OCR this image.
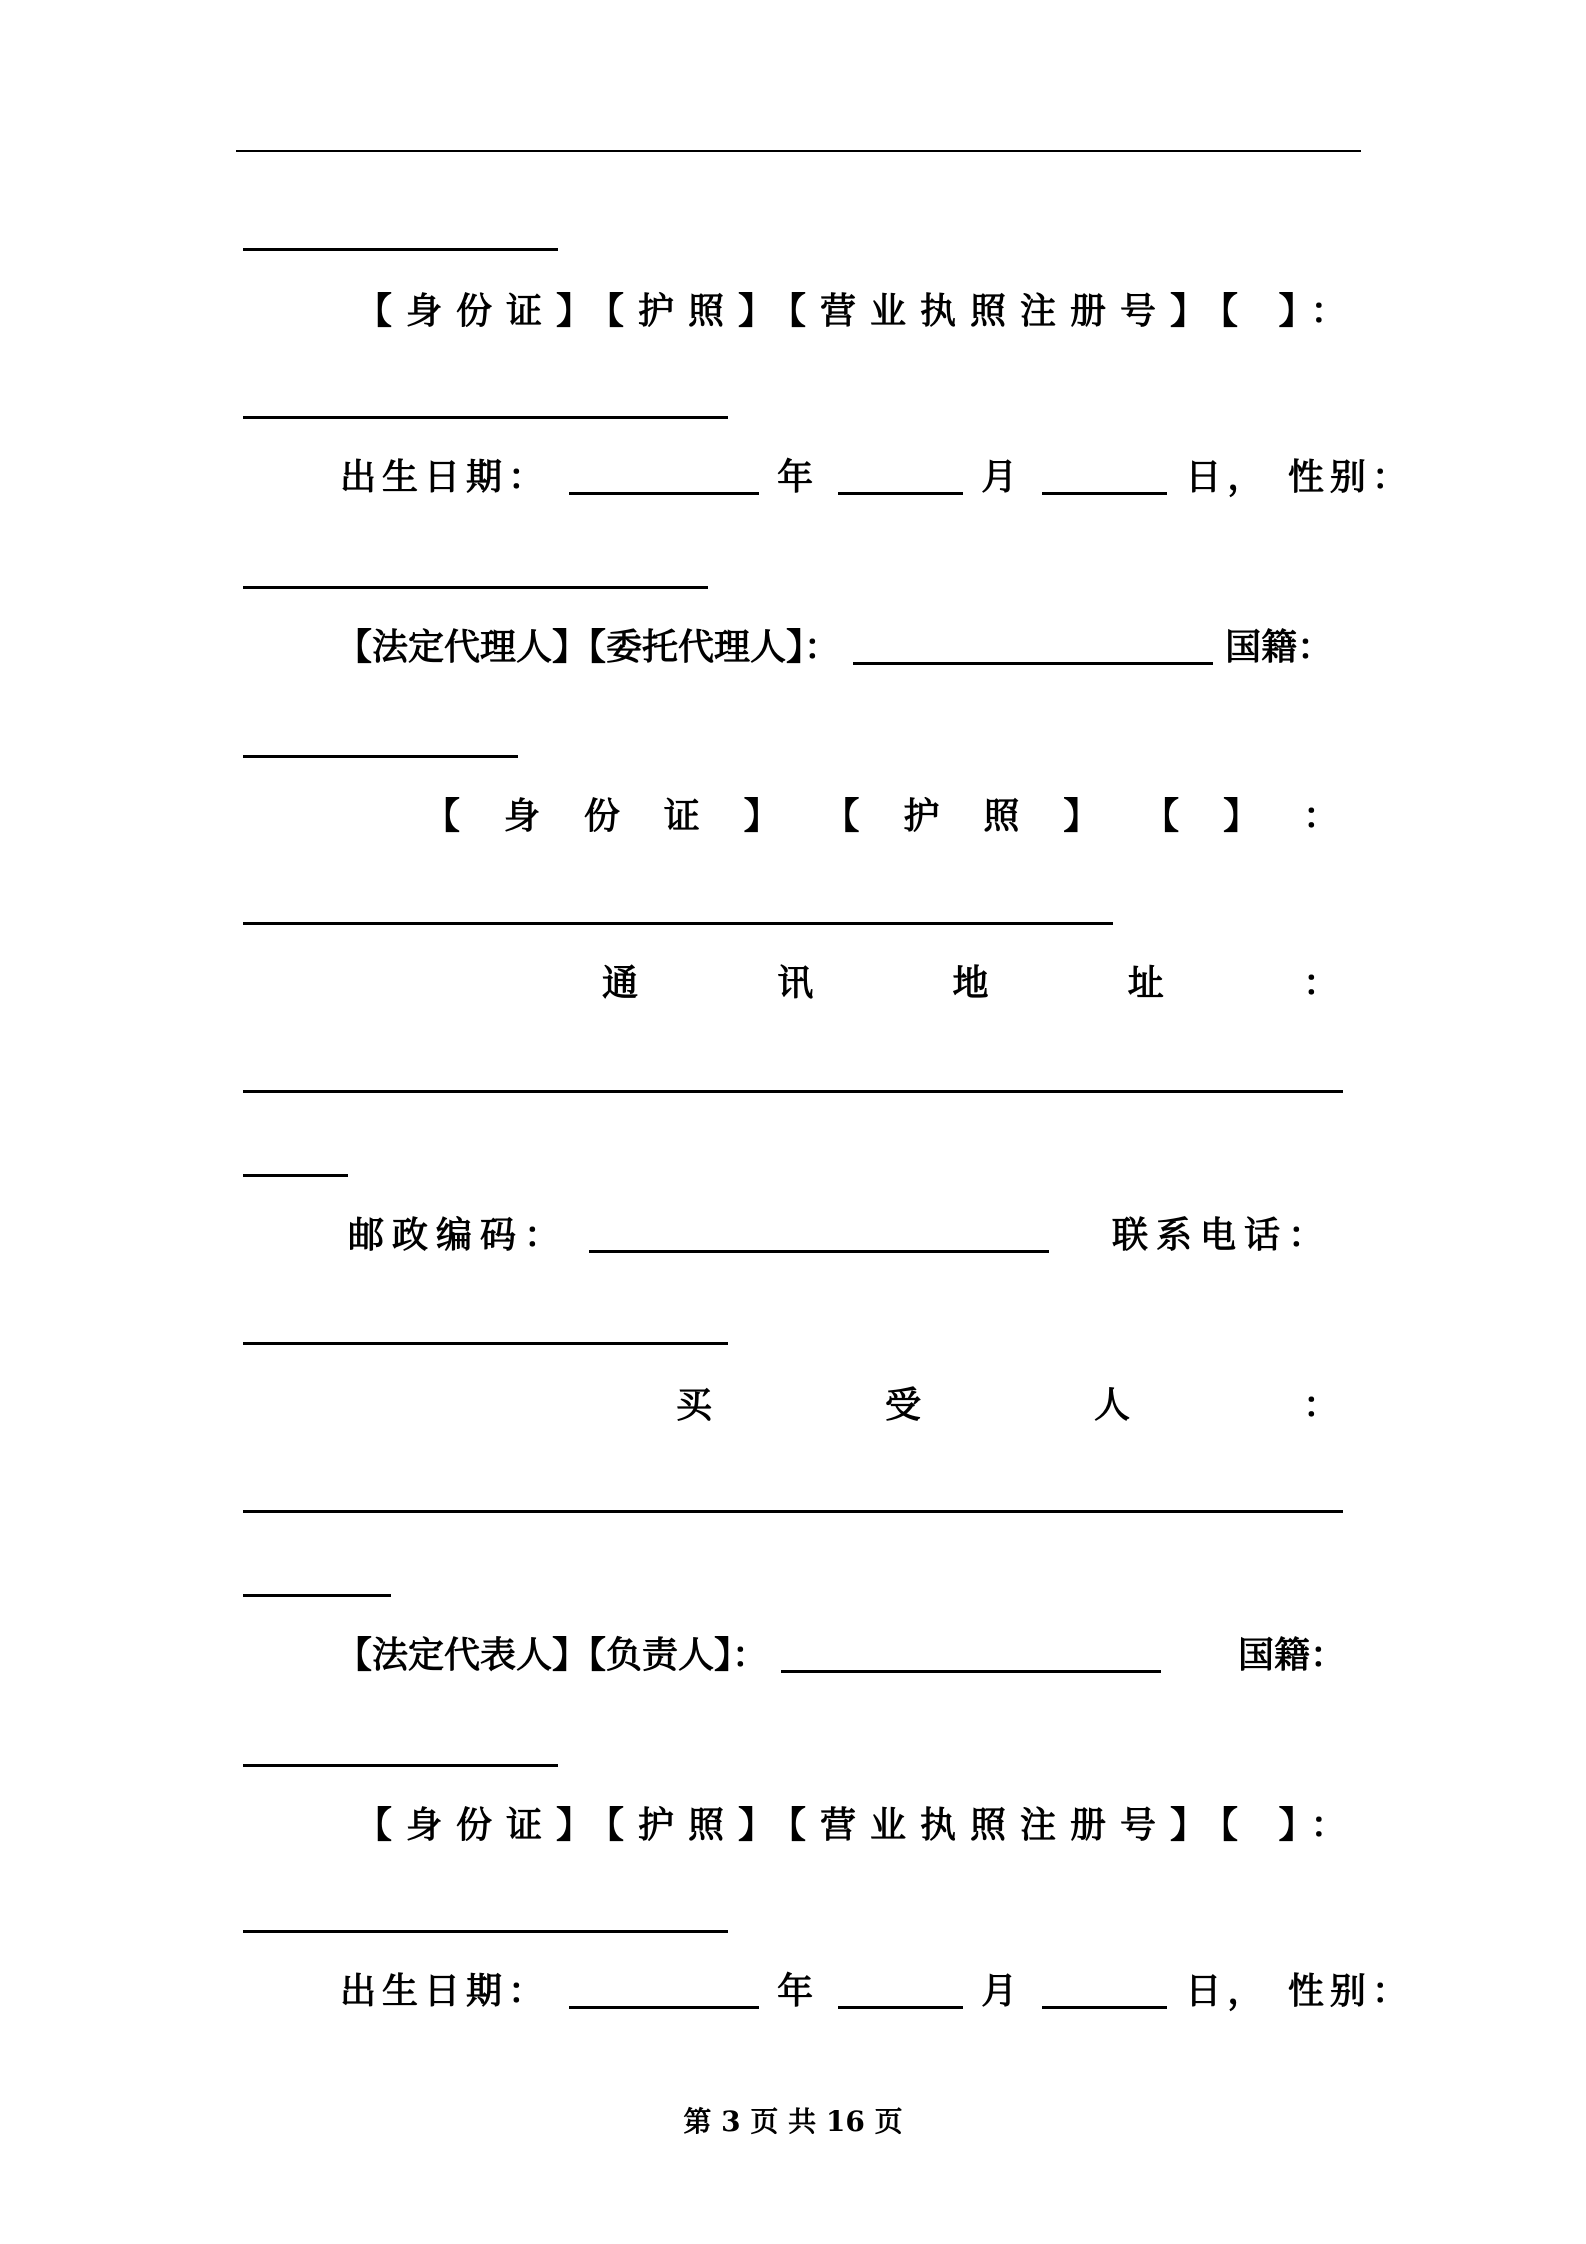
【身份证】【护照】【营业执照注册号】【 】：
出生日期：	年	月	日， 性别：
【法定代理人】【委托代理人】：	国籍：
【 身 份 证 】 【 护 照 】 【 】 ：
通	讯	地	址	：
邮政编码：	联系电话：
买	受	人	：
【法定代表人】【负责人】：	国籍：
【身份证】【护照】【营业执照注册号】【 】：
出生日期：	年	月	日， 性别：
第 3 页 共 16 页
